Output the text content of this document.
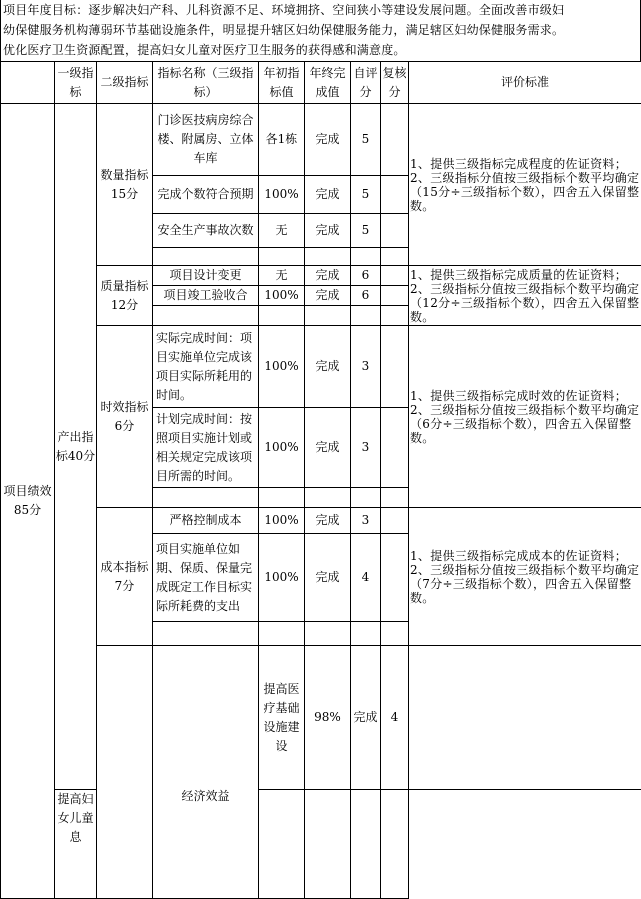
项目年度目标：逐步解决妇产科、儿科资源不足、环境拥挤、空间狭小等建设发展问题。全面改善市级妇
幼保健服务机构薄弱环节基础设施条件，明显提升辖区妇幼保健服务能力，满足辖区妇幼保健服务需求。
优化医疗卫生资源配置，提高妇女儿童对医疗卫生服务的获得感和满意度。
	一级指标	二级指标	指标名称（三级指标）	年初指标值	年终完成值	自评分	复核分	评价标准	
项目绩效85分	产出指标40分	数量指标15分	门诊医技病房综合楼、附属房、立体车库	各1栋	完成	5		1、提供三级指标完成程度的佐证资料；
2、三级指标分值按三级指标个数平均确定（15分÷三级指标个数），四舍五入保留整数。	

			完成个数符合预期	100%	完成	5			
			安全生产事故次数	无	完成	5			

		质量指标12分	项目设计变更	无	完成	6		1、提供三级指标完成质量的佐证资料；
2、三级指标分值按三级指标个数平均确定（12分÷三级指标个数），四舍五入保留整数。	

			项目竣工验收合	100%	完成	6			

		时效指标6分	实际完成时间：项目实施单位完成该项目实际所耗用的时间。	100%	完成	3		1、提供三级指标完成时效的佐证资料；
2、三级指标分值按三级指标个数平均确定（6分÷三级指标个数），四舍五入保留整数。	

			计划完成时间：按照项目实施计划或相关规定完成该项目所需的时间。	100%	完成	3			

		成本指标7分	严格控制成本	100%	完成	3		1、提供三级指标完成成本的佐证资料；
2、三级指标分值按三级指标个数平均确定（7分÷三级指标个数），四舍五入保留整数。	

			项目实施单位如期、保质、保量完成既定工作目标实际所耗费的支出	100%	完成	4			

			经济效益	提高医疗基础设施建设	98%	完成	4		

	提高妇女儿童息								
